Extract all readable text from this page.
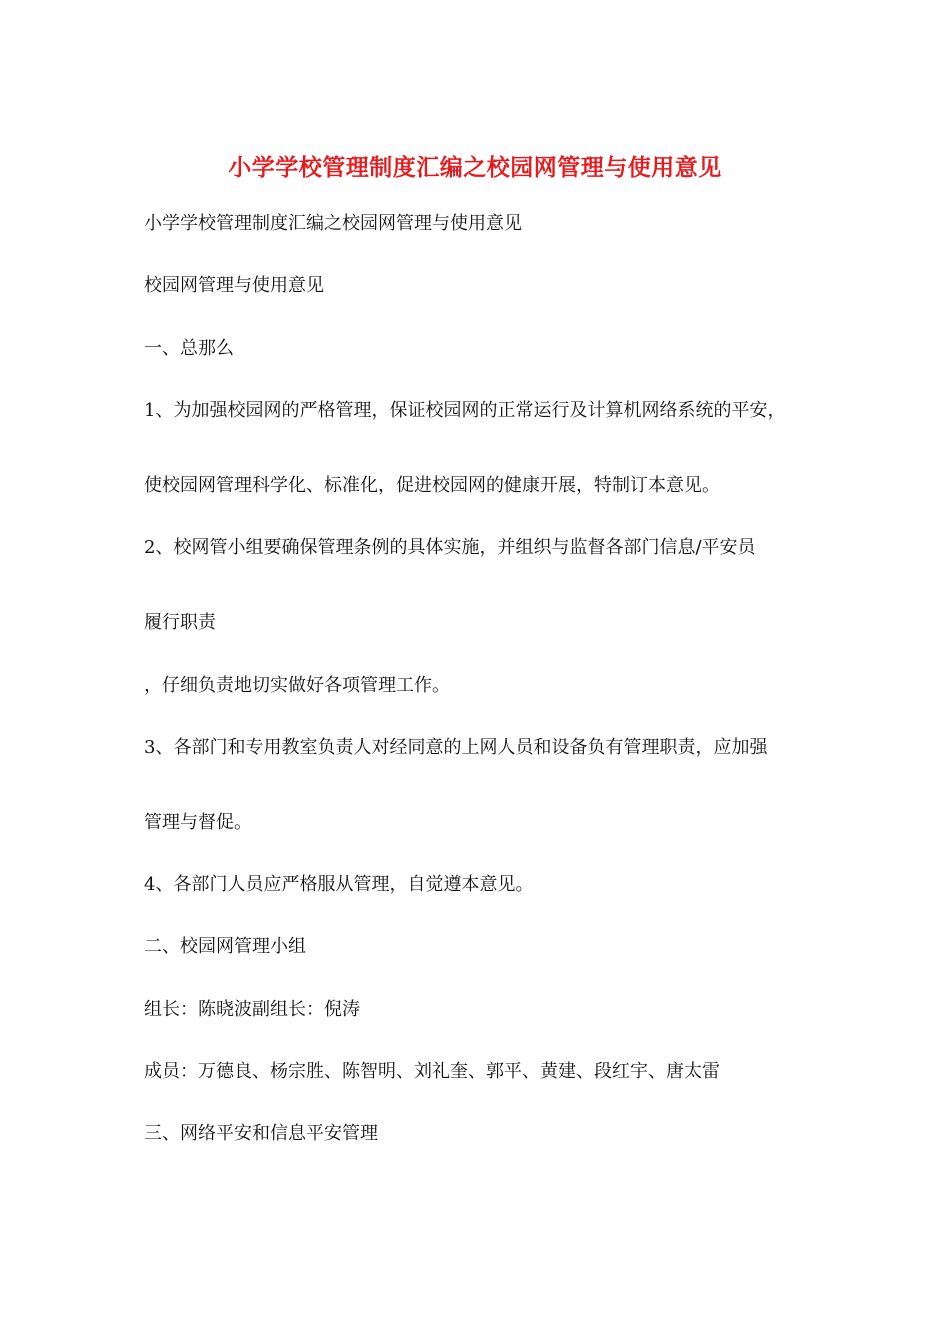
小学学校管理制度汇编之校园网管理与使用意见
小学学校管理制度汇编之校园网管理与使用意见
校园网管理与使用意见
一、总那么
1、为加强校园网的严格管理，保证校园网的正常运行及计算机网络系统的平安，
使校园网管理科学化、标准化，促进校园网的健康开展，特制订本意见。
2、校网管小组要确保管理条例的具体实施，并组织与监督各部门信息/平安员
履行职责
，仔细负责地切实做好各项管理工作。
3、各部门和专用教室负责人对经同意的上网人员和设备负有管理职责，应加强
管理与督促。
4、各部门人员应严格服从管理，自觉遵本意见。
二、校园网管理小组
组长：陈晓波副组长：倪涛
成员：万德良、杨宗胜、陈智明、刘礼奎、郭平、黄建、段红宇、唐太雷
三、网络平安和信息平安管理
